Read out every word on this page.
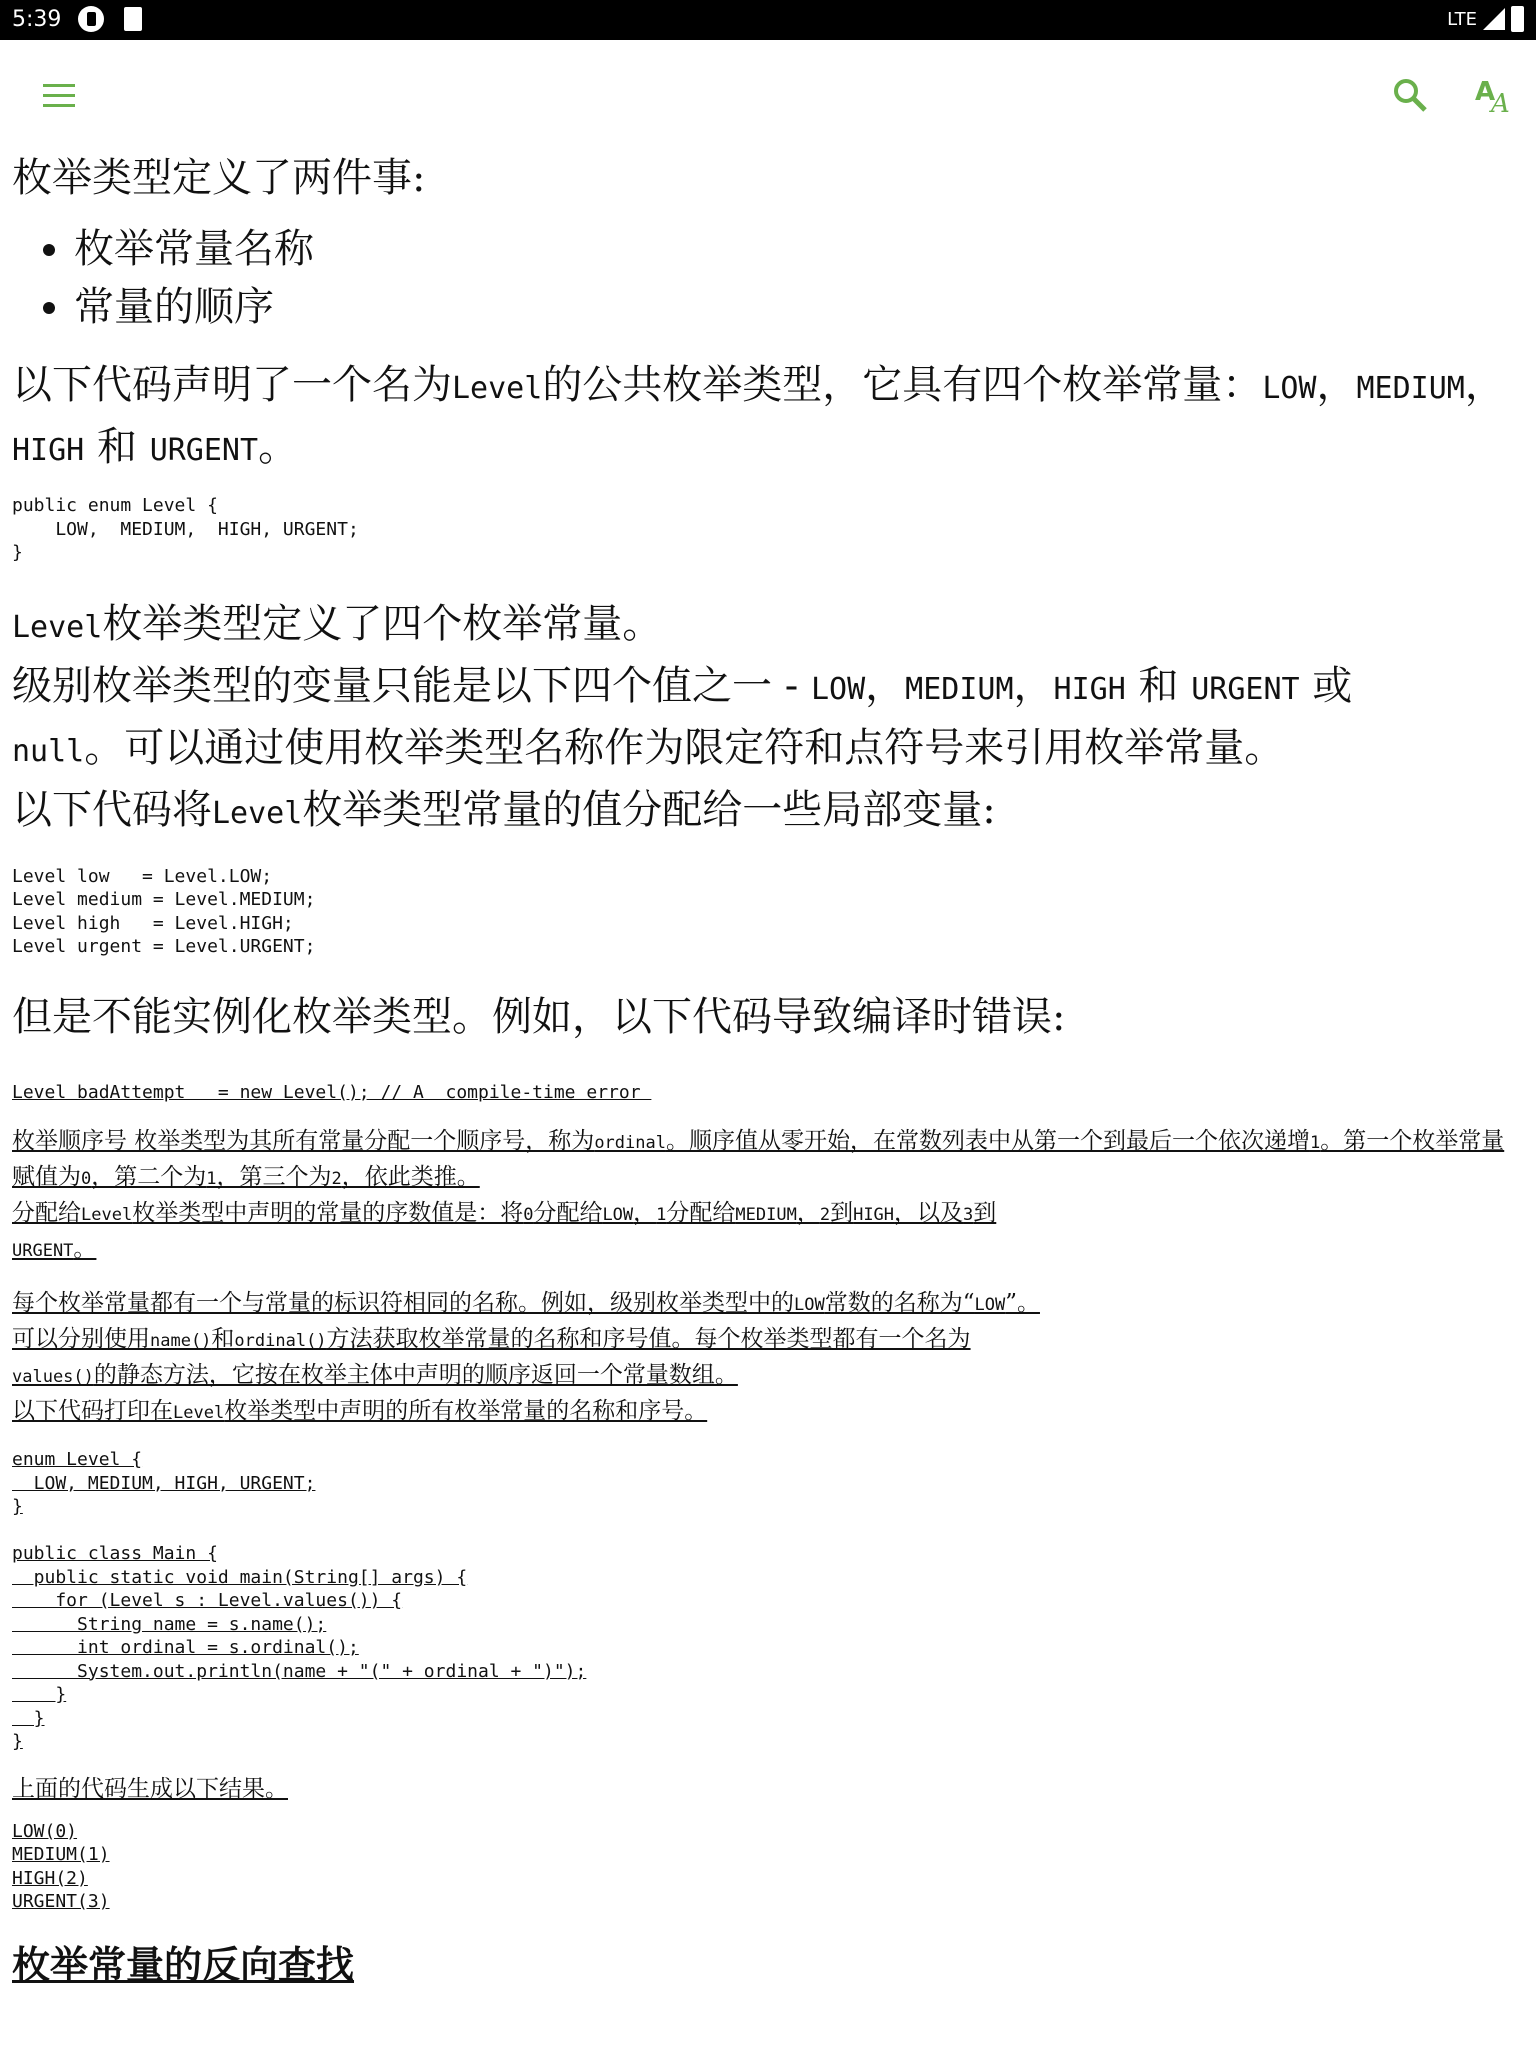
5:39	LTE
A
A

枚举类型定义了两件事:

• 枚举常量名称
• 常量的顺序

以下代码声明了一个名为Level的公共枚举类型，它具有四个枚举常量：LOW，MEDIUM，HIGH 和 URGENT。

public enum Level {
LOW,  MEDIUM,  HIGH, URGENT;
}

Level枚举类型定义了四个枚举常量。
级别枚举类型的变量只能是以下四个值之一 - LOW，MEDIUM，HIGH 和 URGENT 或
null。可以通过使用枚举类型名称作为限定符和点符号来引用枚举常量。
以下代码将Level枚举类型常量的值分配给一些局部变量:

Level low   = Level.LOW;
Level medium = Level.MEDIUM;
Level high   = Level.HIGH;
Level urgent = Level.URGENT;

但是不能实例化枚举类型。例如，以下代码导致编译时错误:

Level badAttempt   = new Level(); // A  compile-time error

枚举顺序号 枚举类型为其所有常量分配一个顺序号，称为ordinal。顺序值从零开始，在常数列表中从第一个到最后一个依次递增1。第一个枚举常量赋值为0，第二个为1，第三个为2，依此类推。
分配给Level枚举类型中声明的常量的序数值是：将0分配给LOW，1分配给MEDIUM，2到HIGH，以及3到
URGENT。

每个枚举常量都有一个与常量的标识符相同的名称。例如，级别枚举类型中的LOW常数的名称为“LOW”。
可以分别使用name()和ordinal()方法获取枚举常量的名称和序号值。每个枚举类型都有一个名为
values()的静态方法，它按在枚举主体中声明的顺序返回一个常量数组。
以下代码打印在Level枚举类型中声明的所有枚举常量的名称和序号。

enum Level {
LOW, MEDIUM, HIGH, URGENT;
}

public class Main {
public static void main(String[] args) {
for (Level s : Level.values()) {
String name = s.name();
int ordinal = s.ordinal();
System.out.println(name + "(" + ordinal + ")");
}
}
}

上面的代码生成以下结果。

LOW(0)
MEDIUM(1)
HIGH(2)
URGENT(3)

枚举常量的反向查找
